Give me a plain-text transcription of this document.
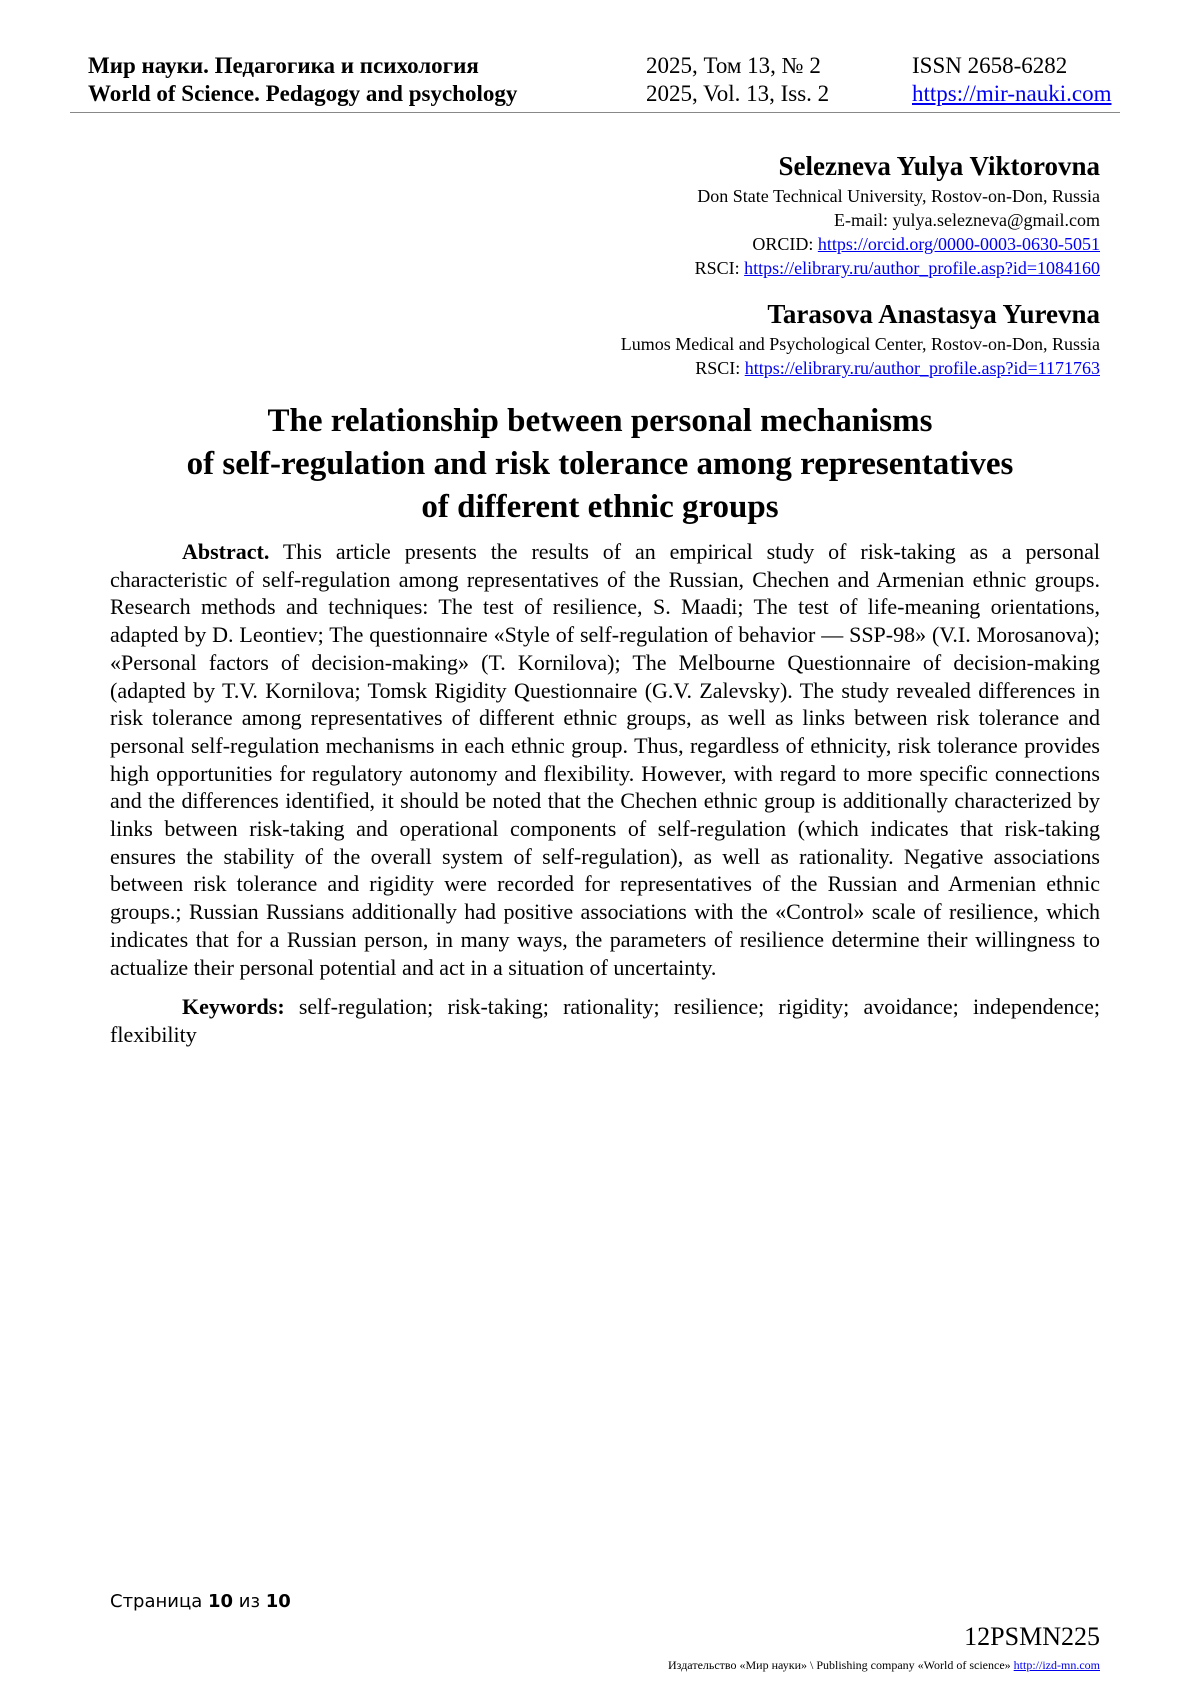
Мир науки. Педагогика и психология	2025, Том 13, № 2	ISSN 2658-6282
World of Science. Pedagogy and psychology	2025, Vol. 13, Iss. 2	https://mir-nauki.com
Selezneva Yulya Viktorovna
Don State Technical University, Rostov-on-Don, Russia
E-mail: yulya.selezneva@gmail.com
ORCID: https://orcid.org/0000-0003-0630-5051
RSCI: https://elibrary.ru/author_profile.asp?id=1084160
Tarasova Anastasya Yurevna
Lumos Medical and Psychological Center, Rostov-on-Don, Russia
RSCI: https://elibrary.ru/author_profile.asp?id=1171763
The relationship between personal mechanisms
of self-regulation and risk tolerance among representatives
of different ethnic groups

Abstract. This article presents the results of an empirical study of risk-taking as a personal characteristic of self-regulation among representatives of the Russian, Chechen and Armenian ethnic groups. Research methods and techniques: The test of resilience, S. Maadi; The test of life-meaning orientations, adapted by D. Leontiev; The questionnaire «Style of self-regulation of behavior — SSP-98» (V.I. Morosanova); «Personal factors of decision-making» (T. Kornilova); The Melbourne Questionnaire of decision-making (adapted by T.V. Kornilova; Tomsk Rigidity Questionnaire (G.V. Zalevsky). The study revealed differences in risk tolerance among representatives of different ethnic groups, as well as links between risk tolerance and personal self-regulation mechanisms in each ethnic group. Thus, regardless of ethnicity, risk tolerance provides high opportunities for regulatory autonomy and flexibility. However, with regard to more specific connections and the differences identified, it should be noted that the Chechen ethnic group is additionally characterized by links between risk-taking and operational components of self-regulation (which indicates that risk-taking ensures the stability of the overall system of self-regulation), as well as rationality. Negative associations between risk tolerance and rigidity were recorded for representatives of the Russian and Armenian ethnic groups.; Russian Russians additionally had positive associations with the «Control» scale of resilience, which indicates that for a Russian person, in many ways, the parameters of resilience determine their willingness to actualize their personal potential and act in a situation of uncertainty.

Keywords: self-regulation; risk-taking; rationality; resilience; rigidity; avoidance; independence; flexibility

Страница 10 из 10
12PSMN225
Издательство «Мир науки» \ Publishing company «World of science» http://izd-mn.com
